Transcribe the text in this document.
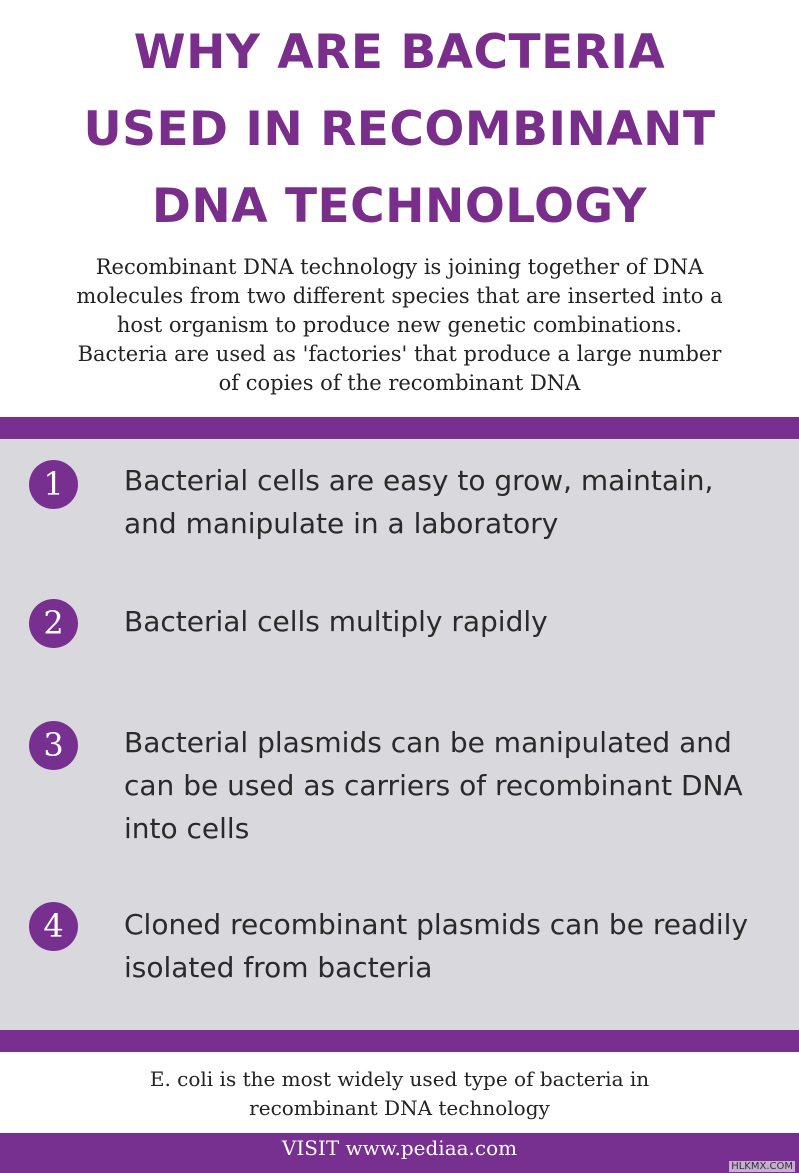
WHY ARE BACTERIA
USED IN RECOMBINANT
DNA TECHNOLOGY
Recombinant DNA technology is joining together of DNA
molecules from two different species that are inserted into a
host organism to produce new genetic combinations.
Bacteria are used as 'factories' that produce a large number
of copies of the recombinant DNA
1	Bacterial cells are easy to grow, maintain,
and manipulate in a laboratory
2	Bacterial cells multiply rapidly
3	Bacterial plasmids can be manipulated and
can be used as carriers of recombinant DNA
into cells
4	Cloned recombinant plasmids can be readily
isolated from bacteria
E. coli is the most widely used type of bacteria in
recombinant DNA technology
VISIT www.pediaa.com
HLKMX.COM
